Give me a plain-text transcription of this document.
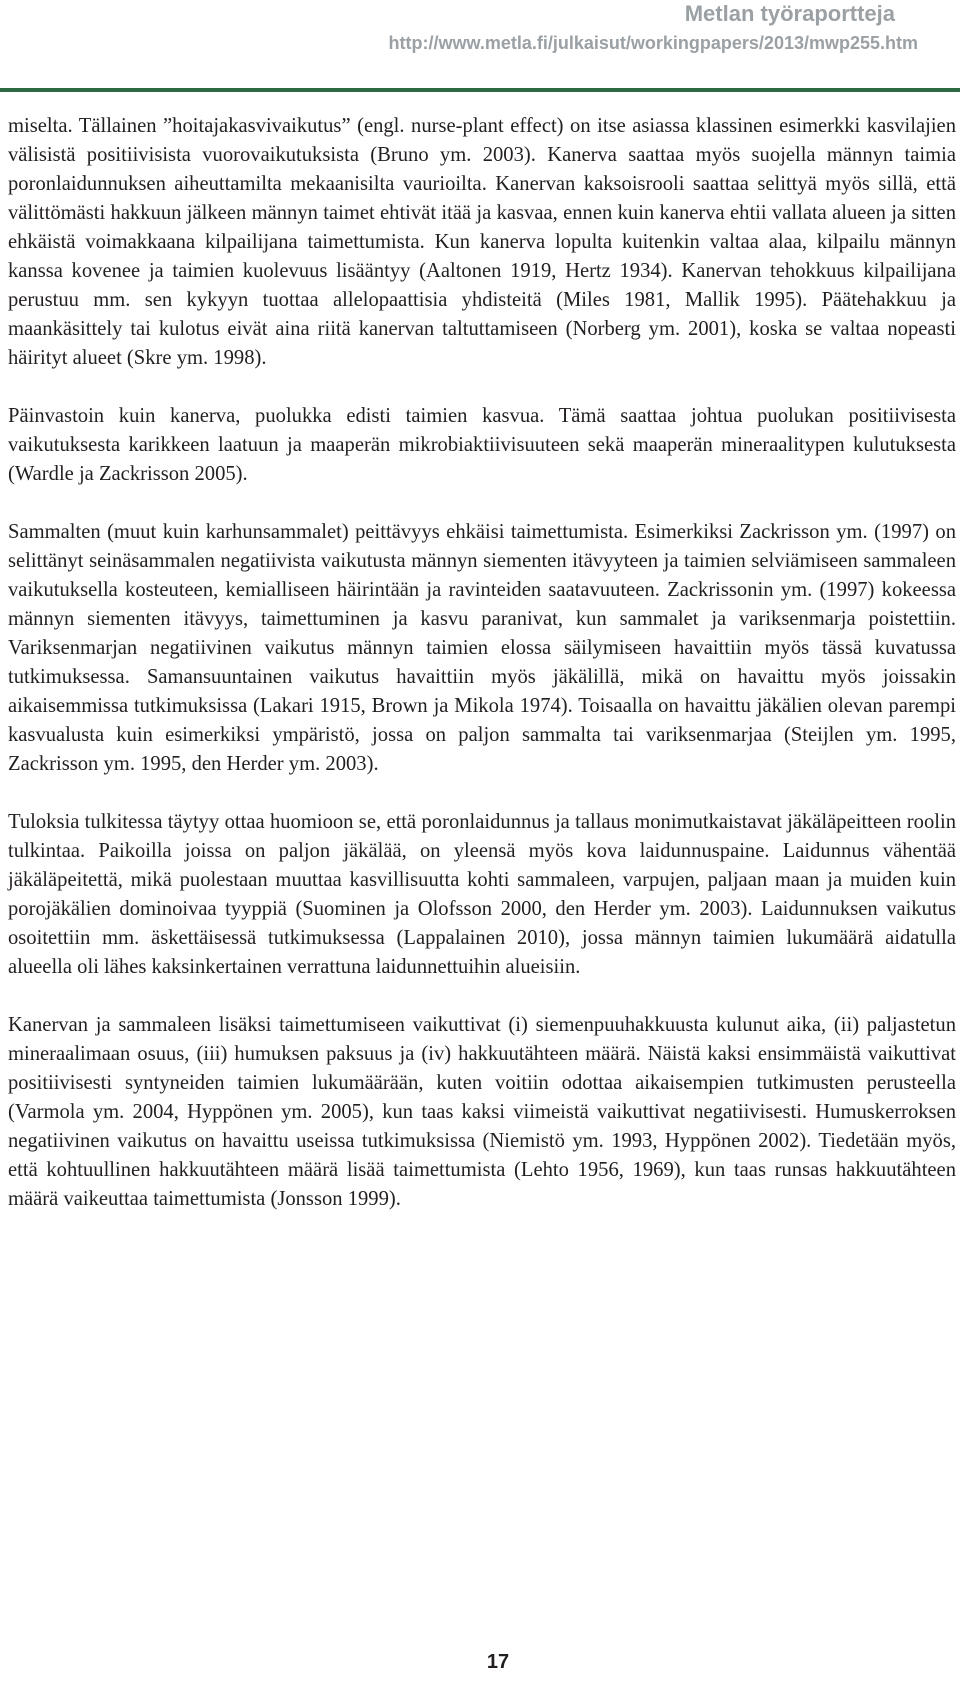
Metlan työraportteja
http://www.metla.fi/julkaisut/workingpapers/2013/mwp255.htm

miselta. Tällainen ”hoitajakasvivaikutus” (engl. nurse-plant effect) on itse asiassa klassinen esimerkki kasvilajien välisistä positiivisista vuorovaikutuksista (Bruno ym. 2003). Kanerva saattaa myös suojella männyn taimia poronlaidunnuksen aiheuttamilta mekaanisilta vaurioilta. Kanervan kaksoisrooli saattaa selittyä myös sillä, että välittömästi hakkuun jälkeen männyn taimet ehtivät itää ja kasvaa, ennen kuin kanerva ehtii vallata alueen ja sitten ehkäistä voimakkaana kilpailijana taimettumista. Kun kanerva lopulta kuitenkin valtaa alaa, kilpailu männyn kanssa kovenee ja taimien kuolevuus lisääntyy (Aaltonen 1919, Hertz 1934). Kanervan tehokkuus kilpailijana perustuu mm. sen kykyyn tuottaa allelopaattisia yhdisteitä (Miles 1981, Mallik 1995). Päätehakkuu ja maankäsittely tai kulotus eivät aina riitä kanervan taltuttamiseen (Norberg ym. 2001), koska se valtaa nopeasti häirityt alueet (Skre ym. 1998).

Päinvastoin kuin kanerva, puolukka edisti taimien kasvua. Tämä saattaa johtua puolukan positiivisesta vaikutuksesta karikkeen laatuun ja maaperän mikrobiaktiivisuuteen sekä maaperän mineraalitypen kulutuksesta (Wardle ja Zackrisson 2005).

Sammalten (muut kuin karhunsammalet) peittävyys ehkäisi taimettumista. Esimerkiksi Zackrisson ym. (1997) on selittänyt seinäsammalen negatiivista vaikutusta männyn siementen itävyyteen ja taimien selviämiseen sammaleen vaikutuksella kosteuteen, kemialliseen häirintään ja ravinteiden saatavuuteen. Zackrissonin ym. (1997) kokeessa männyn siementen itävyys, taimettuminen ja kasvu paranivat, kun sammalet ja variksenmarja poistettiin. Variksenmarjan negatiivinen vaikutus männyn taimien elossa säilymiseen havaittiin myös tässä kuvatussa tutkimuksessa. Samansuuntainen vaikutus havaittiin myös jäkälillä, mikä on havaittu myös joissakin aikaisemmissa tutkimuksissa (Lakari 1915, Brown ja Mikola 1974). Toisaalla on havaittu jäkälien olevan parempi kasvualusta kuin esimerkiksi ympäristö, jossa on paljon sammalta tai variksenmarjaa (Steijlen ym. 1995, Zackrisson ym. 1995, den Herder ym. 2003).

Tuloksia tulkitessa täytyy ottaa huomioon se, että poronlaidunnus ja tallaus monimutkaistavat jäkäläpeitteen roolin tulkintaa. Paikoilla joissa on paljon jäkälää, on yleensä myös kova laidunnuspaine. Laidunnus vähentää jäkäläpeitettä, mikä puolestaan muuttaa kasvillisuutta kohti sammaleen, varpujen, paljaan maan ja muiden kuin porojäkälien dominoivaa tyyppiä (Suominen ja Olofsson 2000, den Herder ym. 2003). Laidunnuksen vaikutus osoitettiin mm. äskettäisessä tutkimuksessa (Lappalainen 2010), jossa männyn taimien lukumäärä aidatulla alueella oli lähes kaksinkertainen verrattuna laidunnettuihin alueisiin.

Kanervan ja sammaleen lisäksi taimettumiseen vaikuttivat (i) siemenpuuhakkuusta kulunut aika, (ii) paljastetun mineraalimaan osuus, (iii) humuksen paksuus ja (iv) hakkuutähteen määrä. Näistä kaksi ensimmäistä vaikuttivat positiivisesti syntyneiden taimien lukumäärään, kuten voitiin odottaa aikaisempien tutkimusten perusteella (Varmola ym. 2004, Hyppönen ym. 2005), kun taas kaksi viimeistä vaikuttivat negatiivisesti. Humuskerroksen negatiivinen vaikutus on havaittu useissa tutkimuksissa (Niemistö ym. 1993, Hyppönen 2002). Tiedetään myös, että kohtuullinen hakkuutähteen määrä lisää taimettumista (Lehto 1956, 1969), kun taas runsas hakkuutähteen määrä vaikeuttaa taimettumista (Jonsson 1999).

17
